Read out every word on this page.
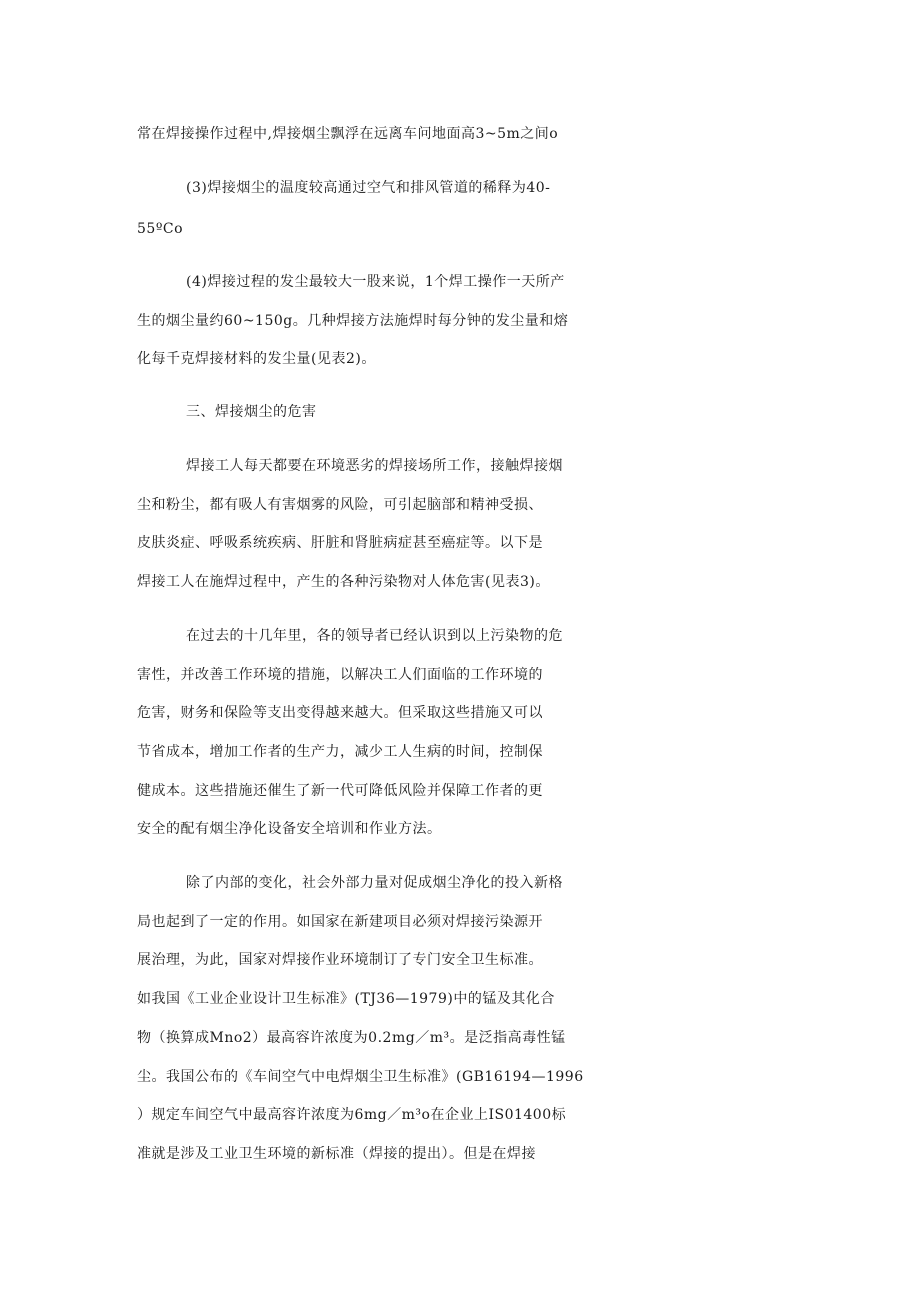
常在焊接操作过程中,焊接烟尘飘浮在远离车问地面高3~5m之间o
(3)焊接烟尘的温度较高通过空气和排风管道的稀释为40-
55ºCo
(4)焊接过程的发尘最较大一股来说，1个焊工操作一天所产
生的烟尘量约60~150g。几种焊接方法施焊时每分钟的发尘量和熔
化每千克焊接材料的发尘量(见表2)。
三、焊接烟尘的危害
焊接工人每天都要在环境恶劣的焊接场所工作，接触焊接烟
尘和粉尘，都有吸人有害烟雾的风险，可引起脑部和精神受损、
皮肤炎症、呼吸系统疾病、肝脏和肾脏病症甚至癌症等。以下是
焊接工人在施焊过程中，产生的各种污染物对人体危害(见表3)。
在过去的十几年里，各的领导者已经认识到以上污染物的危
害性，并改善工作环境的措施，以解决工人们面临的工作环境的
危害，财务和保险等支出变得越来越大。但采取这些措施又可以
节省成本，增加工作者的生产力，减少工人生病的时间，控制保
健成本。这些措施还催生了新一代可降低风险并保障工作者的更
安全的配有烟尘净化设备安全培训和作业方法。
除了内部的变化，社会外部力量对促成烟尘净化的投入新格
局也起到了一定的作用。如国家在新建项目必须对焊接污染源开
展治理，为此，国家对焊接作业环境制订了专门安全卫生标准。
如我国《工业企业设计卫生标准》(TJ36—1979)中的锰及其化合
物（换算成Mno2）最高容许浓度为0.2mg／m³。是泛指高毒性锰
尘。我国公布的《车间空气中电焊烟尘卫生标准》(GB16194—1996
）规定车间空气中最高容许浓度为6mg／m³o在企业上IS01400标
准就是涉及工业卫生环境的新标准（焊接的提出）。但是在焊接
